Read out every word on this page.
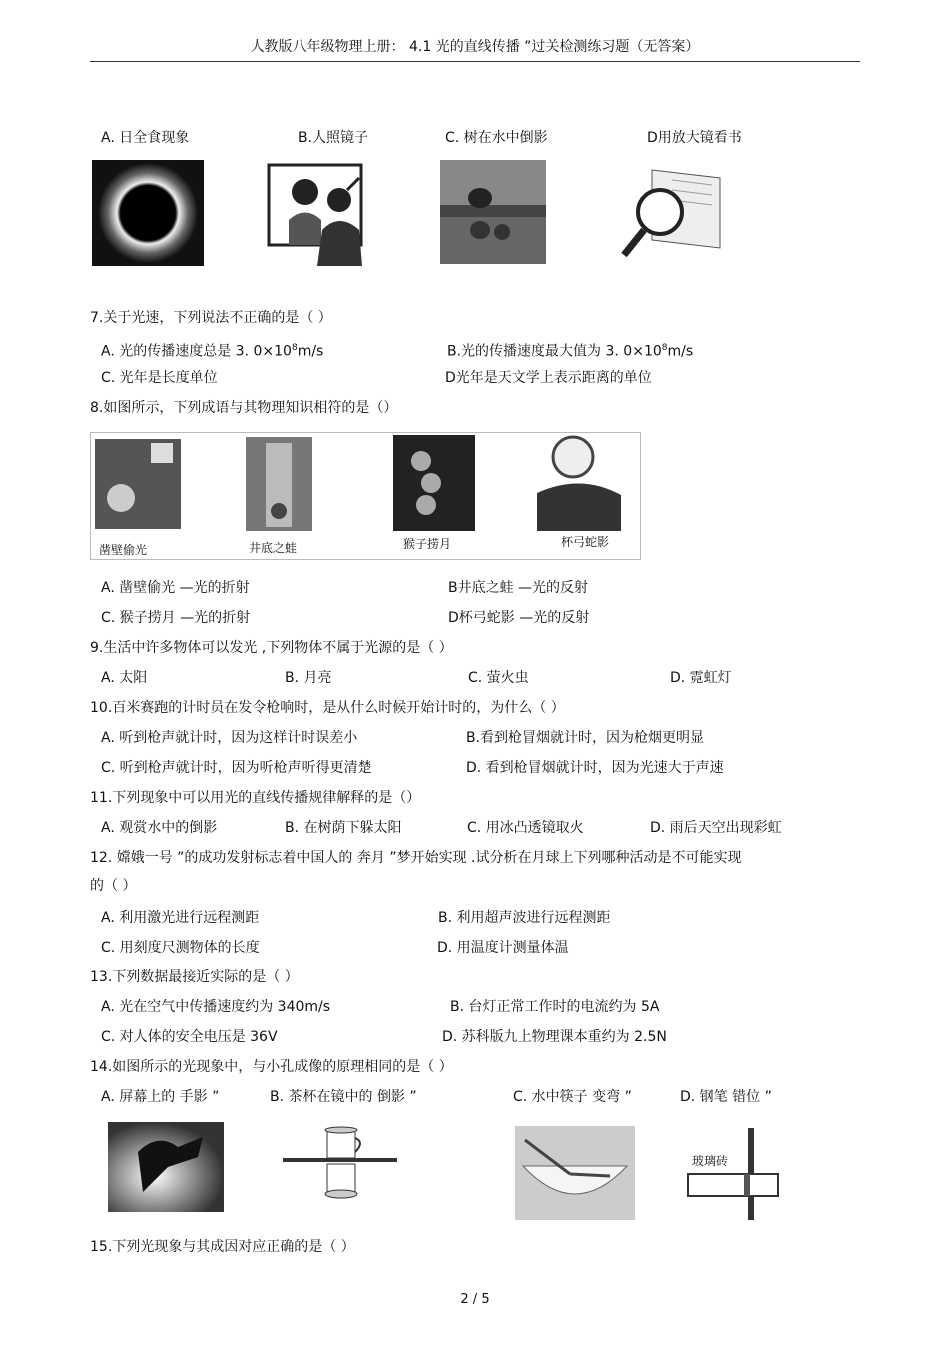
人教版八年级物理上册： 4.1 光的直线传播 ”过关检测练习题（无答案）
A. 日全食现象	B.人照镜子	C. 树在水中倒影	D用放大镜看书
7.关于光速，下列说法不正确的是（ ）
A. 光的传播速度总是 3. $0\times 10^8m/s$	B.光的传播速度最大值为 3. $0\times 10^8m/s$
C. 光年是长度单位	D光年是天文学上表示距离的单位
8.如图所示，下列成语与其物理知识相符的是（）
凿壁偷光	井底之蛙	猴子捞月	杯弓蛇影
A. 凿壁偷光 —光的折射	B井底之蛙 —光的反射
C. 猴子捞月 —光的折射	D杯弓蛇影 —光的反射
9.生活中许多物体可以发光 ,下列物体不属于光源的是（ ）
A. 太阳	B. 月亮	C. 萤火虫	D. 霓虹灯
10.百米赛跑的计时员在发令枪响时，是从什么时候开始计时的，为什么（ ）
A. 听到枪声就计时，因为这样计时误差小	B.看到枪冒烟就计时，因为枪烟更明显
C. 听到枪声就计时，因为听枪声听得更清楚	D. 看到枪冒烟就计时，因为光速大于声速
11.下列现象中可以用光的直线传播规律解释的是（）
A. 观赏水中的倒影	B. 在树荫下躲太阳	C. 用冰凸透镜取火	D. 雨后天空出现彩虹
12. 嫦娥一号 ”的成功发射标志着中国人的 奔月 ”梦开始实现 .试分析在月球上下列哪种活动是不可能实现
的（ ）
A. 利用激光进行远程测距	B. 利用超声波进行远程测距
C. 用刻度尺测物体的长度	D. 用温度计测量体温
13.下列数据最接近实际的是（ ）
A. 光在空气中传播速度约为 340m/s	B. 台灯正常工作时的电流约为 5A
C. 对人体的安全电压是 36V	D. 苏科版九上物理课本重约为 2.5N
14.如图所示的光现象中，与小孔成像的原理相同的是（ ）
A. 屏幕上的 手影 ”	B. 茶杯在镜中的 倒影 ”	C. 水中筷子 变弯 ”	D. 钢笔 错位 ”
玻璃砖
15.下列光现象与其成因对应正确的是（ ）
2 / 5
